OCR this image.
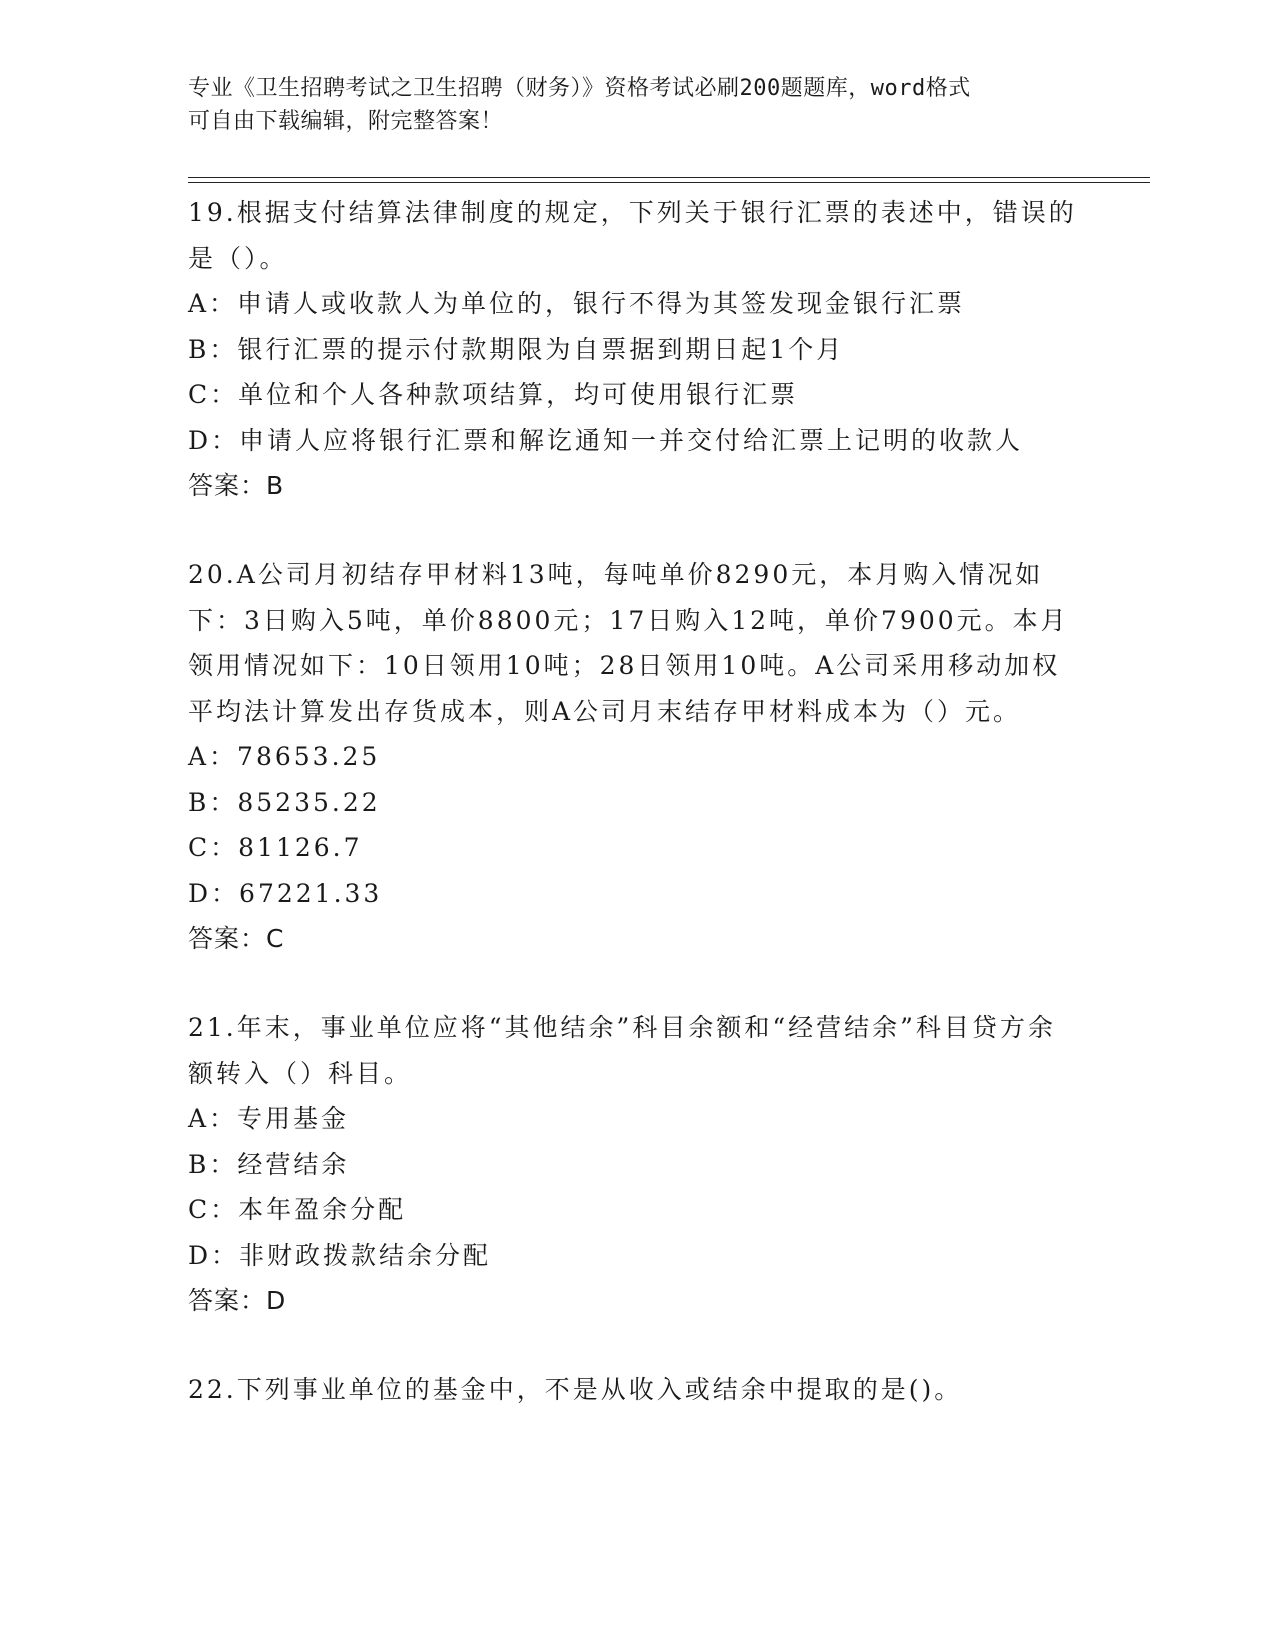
专业《卫生招聘考试之卫生招聘（财务）》资格考试必刷200题题库，word格式

可自由下载编辑，附完整答案！

19.根据支付结算法律制度的规定，下列关于银行汇票的表述中，错误的是（）。

A：申请人或收款人为单位的，银行不得为其签发现金银行汇票

B：银行汇票的提示付款期限为自票据到期日起1个月

C：单位和个人各种款项结算，均可使用银行汇票

D：申请人应将银行汇票和解讫通知一并交付给汇票上记明的收款人

答案：B

20.A公司月初结存甲材料13吨，每吨单价8290元，本月购入情况如下：3日购入5吨，单价8800元；17日购入12吨，单价7900元。本月领用情况如下：10日领用10吨；28日领用10吨。A公司采用移动加权平均法计算发出存货成本，则A公司月末结存甲材料成本为（）元。

A：78653.25

B：85235.22

C：81126.7

D：67221.33

答案：C

21.年末，事业单位应将“其他结余”科目余额和“经营结余”科目贷方余额转入（）科目。

A：专用基金

B：经营结余

C：本年盈余分配

D：非财政拨款结余分配

答案：D

22.下列事业单位的基金中，不是从收入或结余中提取的是()。
